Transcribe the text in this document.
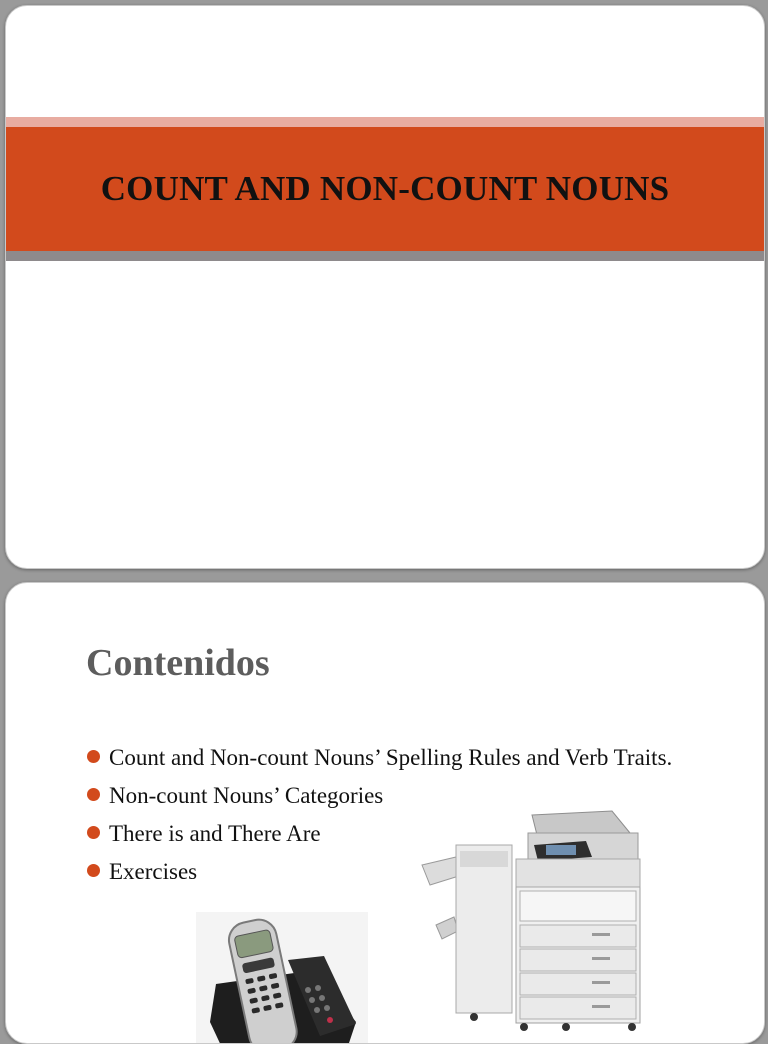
COUNT AND NON-COUNT NOUNS
Contenidos
Count and Non-count Nouns’ Spelling Rules and Verb Traits.
Non-count Nouns’ Categories
There is and There Are
Exercises
